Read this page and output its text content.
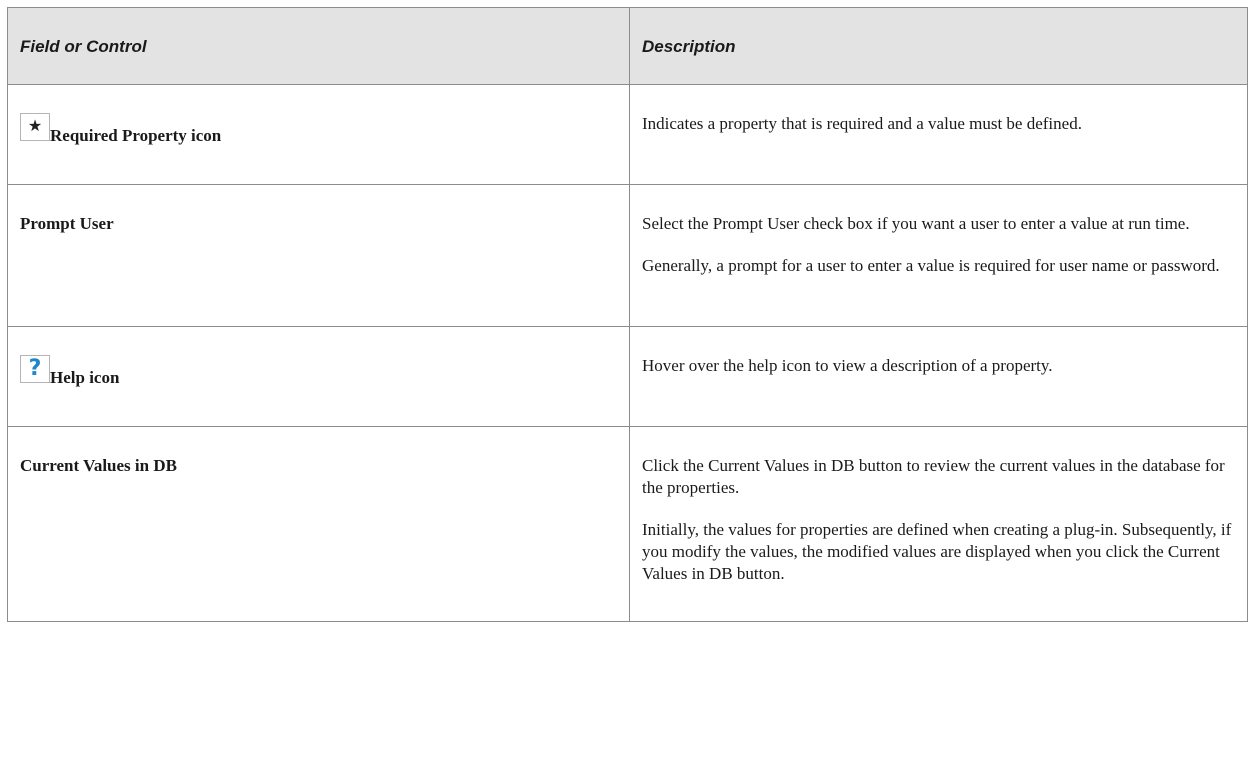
Field or Control	Description

★
Required Property icon	Indicates a property that is required and a value must be defined.

Prompt User	Select the Prompt User check box if you want a user to enter a value at run time.

Generally, a prompt for a user to enter a value is required for user name or password.

? Help icon	Hover over the help icon to view a description of a property.

Current Values in DB	Click the Current Values in DB button to review the current values in the database for the properties.

Initially, the values for properties are defined when creating a plug-in. Subsequently, if you modify the values, the modified values are displayed when you click the Current Values in DB button.
